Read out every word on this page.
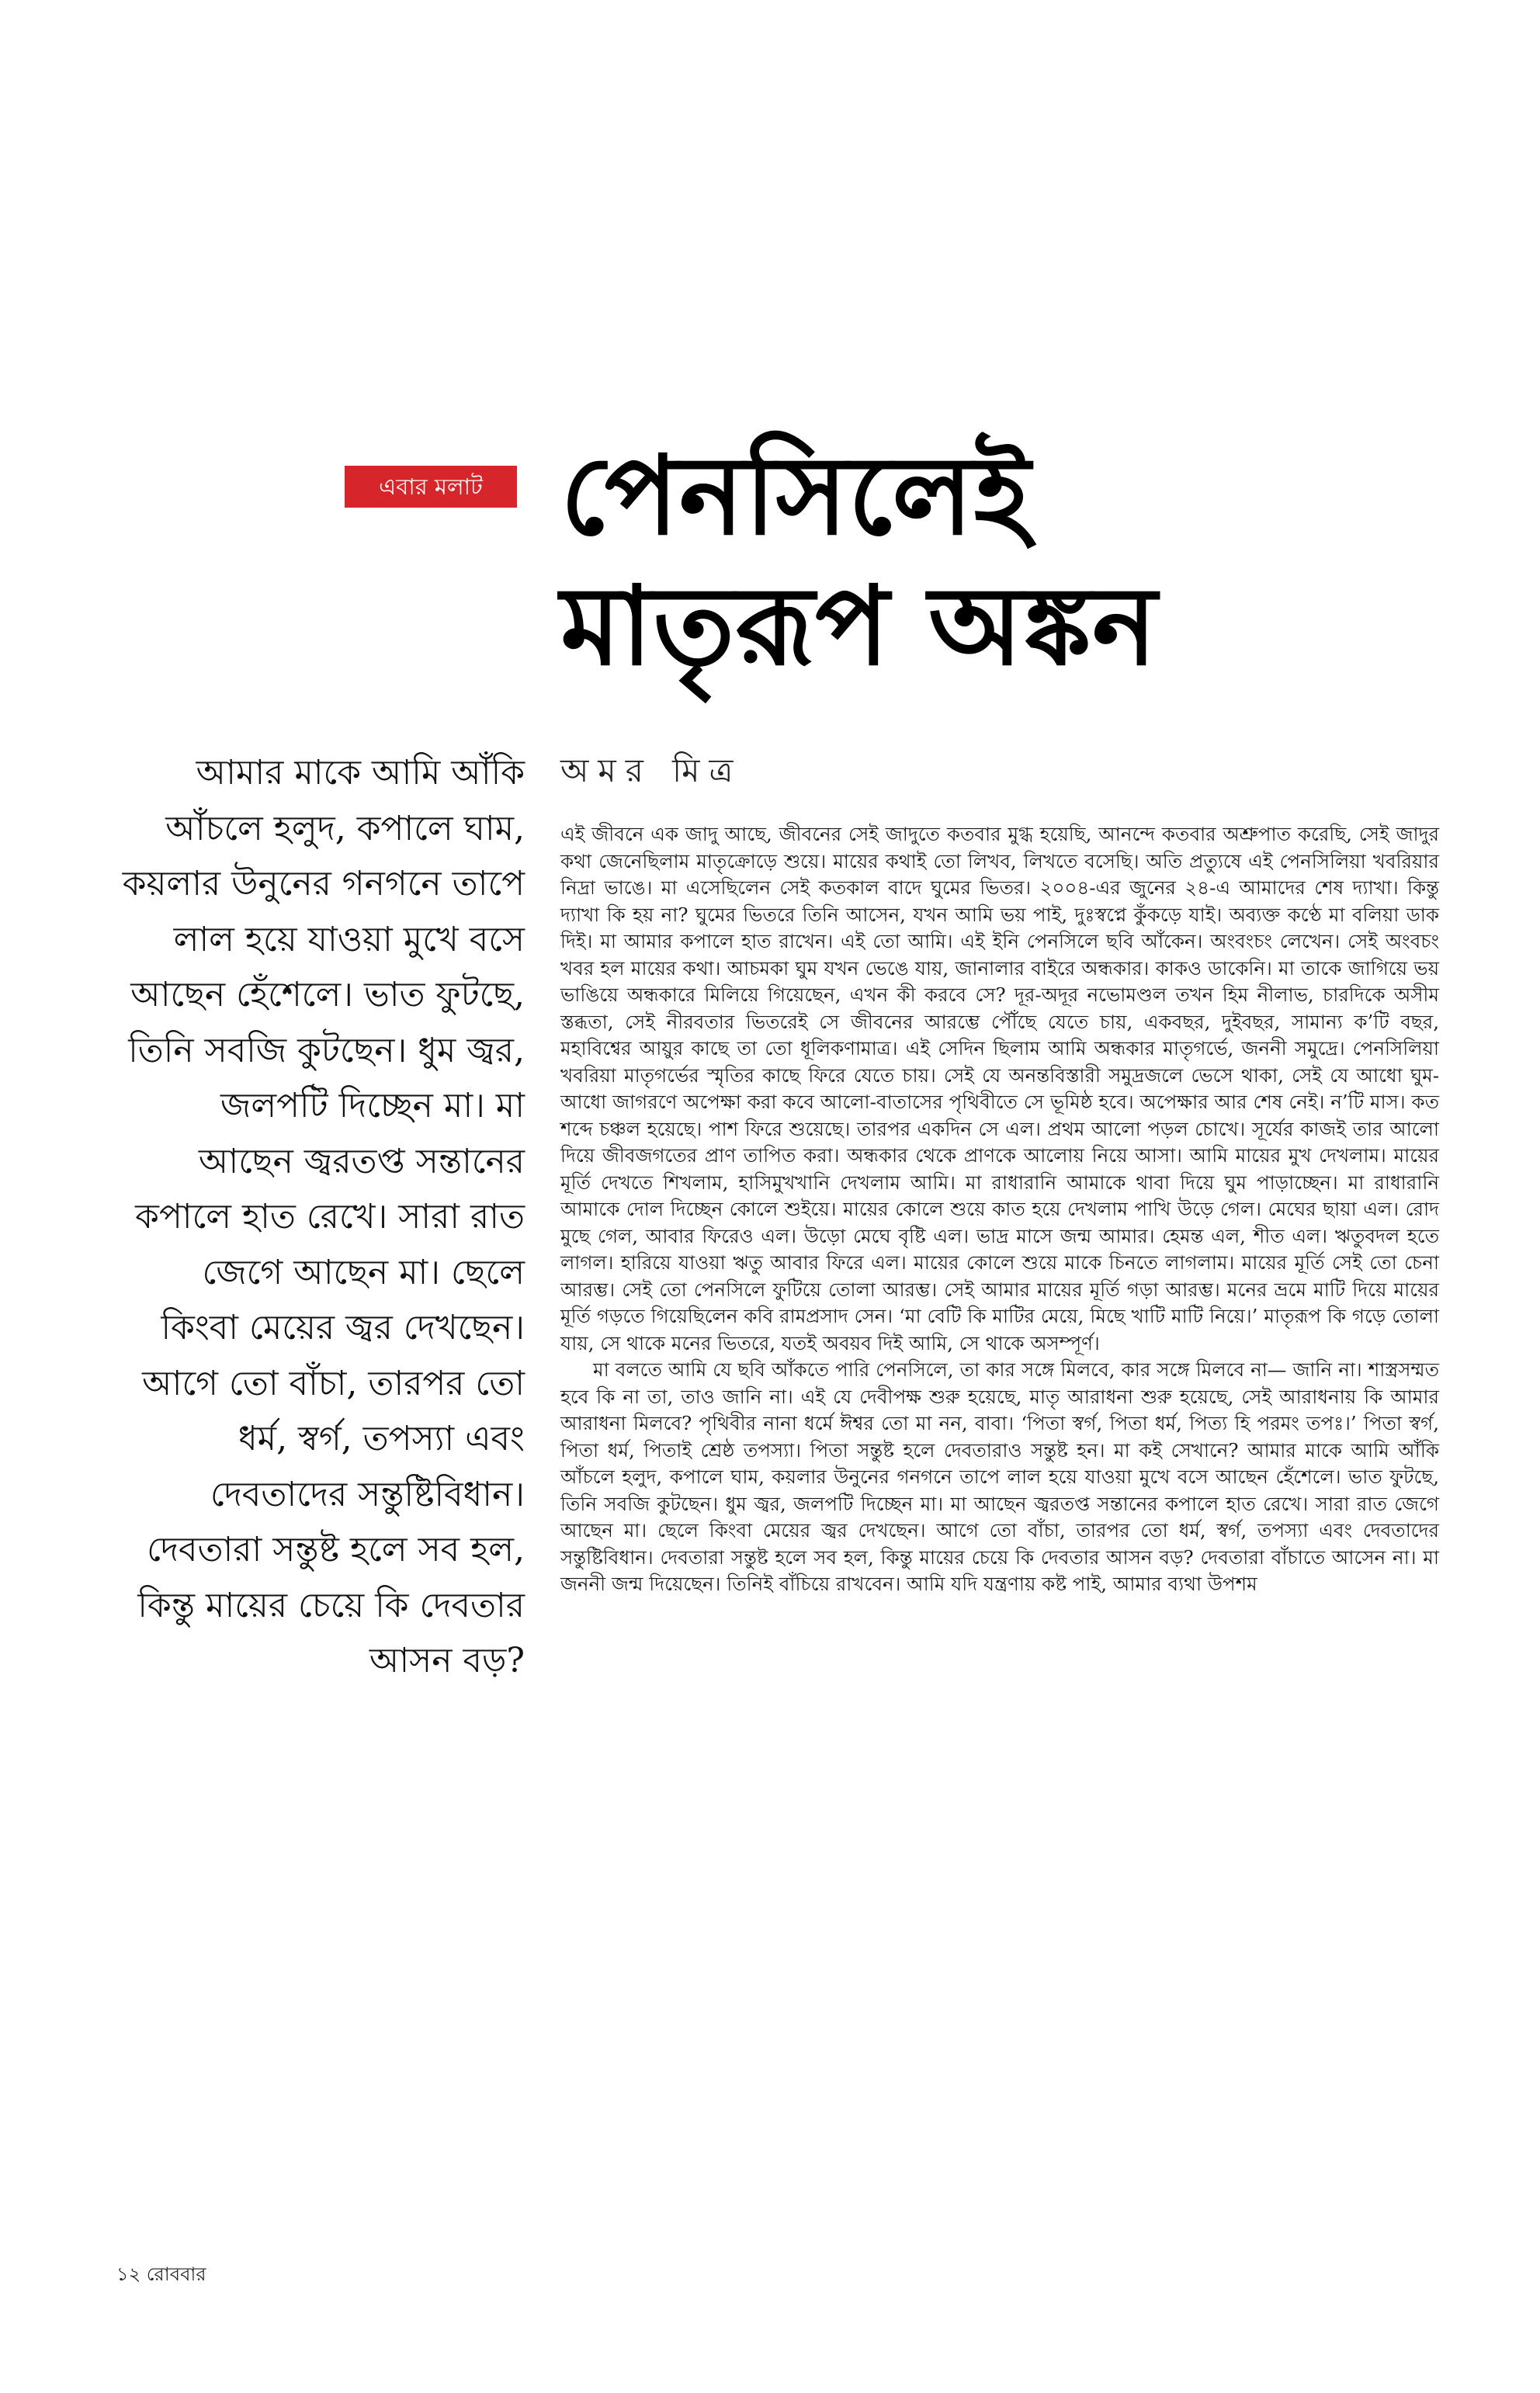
এবার মলাট পেনসিলেই
মাতৃরূপ অঙ্কন
আমার মাকে আমি আঁকি আঁচলে হলুদ, কপালে ঘাম, কয়লার উনুনের গনগনে তাপে লাল হয়ে যাওয়া মুখে বসে আছেন হেঁশেলে। ভাত ফুটছে, তিনি সবজি কুটছেন। ধুম জ্বর, জলপটি দিচ্ছেন মা। মা আছেন জ্বরতপ্ত সন্তানের কপালে হাত রেখে। সারা রাত জেগে আছেন মা। ছেলে কিংবা মেয়ের জ্বর দেখছেন। আগে তো বাঁচা, তারপর তো ধর্ম, স্বর্গ, তপস্যা এবং দেবতাদের সন্তুষ্টিবিধান। দেবতারা সন্তুষ্ট হলে সব হল, কিন্তু মায়ের চেয়ে কি দেবতার আসন বড়?
অমর মিত্র

এই জীবনে এক জাদু আছে, জীবনের সেই জাদুতে কতবার মুগ্ধ হয়েছি, আনন্দে কতবার অশ্রুপাত করেছি, সেই জাদুর কথা জেনেছিলাম মাতৃক্রোড়ে শুয়ে। মায়ের কথাই তো লিখব, লিখতে বসেছি। অতি প্রত্যুষে এই পেনসিলিয়া খবরিয়ার নিদ্রা ভাঙে। মা এসেছিলেন সেই কতকাল বাদে ঘুমের ভিতর। ২০০৪-এর জুনের ২৪-এ আমাদের শেষ দ্যাখা। কিন্তু দ্যাখা কি হয় না? ঘুমের ভিতরে তিনি আসেন, যখন আমি ভয় পাই, দুঃস্বপ্নে কুঁকড়ে যাই। অব্যক্ত কণ্ঠে মা বলিয়া ডাক দিই। মা আমার কপালে হাত রাখেন। এই তো আমি। এই ইনি পেনসিলে ছবি আঁকেন। অংবংচং লেখেন। সেই অংবচং খবর হল মায়ের কথা। আচমকা ঘুম যখন ভেঙে যায়, জানালার বাইরে অন্ধকার। কাকও ডাকেনি। মা তাকে জাগিয়ে ভয় ভাঙিয়ে অন্ধকারে মিলিয়ে গিয়েছেন, এখন কী করবে সে? দূর-অদূর নভোমণ্ডল তখন হিম নীলাভ, চারদিকে অসীম স্তব্ধতা, সেই নীরবতার ভিতরেই সে জীবনের আরম্ভে পৌঁছে যেতে চায়, একবছর, দুইবছর, সামান্য ক’টি বছর, মহাবিশ্বের আয়ুর কাছে তা তো ধূলিকণামাত্র। এই সেদিন ছিলাম আমি অন্ধকার মাতৃগর্ভে, জননী সমুদ্রে। পেনসিলিয়া খবরিয়া মাতৃগর্ভের স্মৃতির কাছে ফিরে যেতে চায়। সেই যে অনন্তবিস্তারী সমুদ্রজলে ভেসে থাকা, সেই যে আধো ঘুম-আধো জাগরণে অপেক্ষা করা কবে আলো-বাতাসের পৃথিবীতে সে ভূমিষ্ঠ হবে। অপেক্ষার আর শেষ নেই। ন’টি মাস। কত শব্দে চঞ্চল হয়েছে। পাশ ফিরে শুয়েছে। তারপর একদিন সে এল। প্রথম আলো পড়ল চোখে। সূর্যের কাজই তার আলো দিয়ে জীবজগতের প্রাণ তাপিত করা। অন্ধকার থেকে প্রাণকে আলোয় নিয়ে আসা। আমি মায়ের মুখ দেখলাম। মায়ের মূর্তি দেখতে শিখলাম, হাসিমুখখানি দেখলাম আমি। মা রাধারানি আমাকে থাবা দিয়ে ঘুম পাড়াচ্ছেন। মা রাধারানি আমাকে দোল দিচ্ছেন কোলে শুইয়ে। মায়ের কোলে শুয়ে কাত হয়ে দেখলাম পাখি উড়ে গেল। মেঘের ছায়া এল। রোদ মুছে গেল, আবার ফিরেও এল। উড়ো মেঘে বৃষ্টি এল। ভাদ্র মাসে জন্ম আমার। হেমন্ত এল, শীত এল। ঋতুবদল হতে লাগল। হারিয়ে যাওয়া ঋতু আবার ফিরে এল। মায়ের কোলে শুয়ে মাকে চিনতে লাগলাম। মায়ের মূর্তি সেই তো চেনা আরম্ভ। সেই তো পেনসিলে ফুটিয়ে তোলা আরম্ভ। সেই আমার মায়ের মূর্তি গড়া আরম্ভ। মনের ভ্রমে মাটি দিয়ে মায়ের মূর্তি গড়তে গিয়েছিলেন কবি রামপ্রসাদ সেন। ‘মা বেটি কি মাটির মেয়ে, মিছে খাটি মাটি নিয়ে।’ মাতৃরূপ কি গড়ে তোলা যায়, সে থাকে মনের ভিতরে, যতই অবয়ব দিই আমি, সে থাকে অসম্পূর্ণ।

মা বলতে আমি যে ছবি আঁকতে পারি পেনসিলে, তা কার সঙ্গে মিলবে, কার সঙ্গে মিলবে না— জানি না। শাস্ত্রসম্মত হবে কি না তা, তাও জানি না। এই যে দেবীপক্ষ শুরু হয়েছে, মাতৃ আরাধনা শুরু হয়েছে, সেই আরাধনায় কি আমার আরাধনা মিলবে? পৃথিবীর নানা ধর্মে ঈশ্বর তো মা নন, বাবা। ‘পিতা স্বর্গ, পিতা ধর্ম, পিত্য হি পরমং তপঃ।’ পিতা স্বর্গ, পিতা ধর্ম, পিতাই শ্রেষ্ঠ তপস্যা। পিতা সন্তুষ্ট হলে দেবতারাও সন্তুষ্ট হন। মা কই সেখানে? আমার মাকে আমি আঁকি আঁচলে হলুদ, কপালে ঘাম, কয়লার উনুনের গনগনে তাপে লাল হয়ে যাওয়া মুখে বসে আছেন হেঁশেলে। ভাত ফুটছে, তিনি সবজি কুটছেন। ধুম জ্বর, জলপটি দিচ্ছেন মা। মা আছেন জ্বরতপ্ত সন্তানের কপালে হাত রেখে। সারা রাত জেগে আছেন মা। ছেলে কিংবা মেয়ের জ্বর দেখছেন। আগে তো বাঁচা, তারপর তো ধর্ম, স্বর্গ, তপস্যা এবং দেবতাদের সন্তুষ্টিবিধান। দেবতারা সন্তুষ্ট হলে সব হল, কিন্তু মায়ের চেয়ে কি দেবতার আসন বড়? দেবতারা বাঁচাতে আসেন না। মা জননী জন্ম দিয়েছেন। তিনিই বাঁচিয়ে রাখবেন। আমি যদি যন্ত্রণায় কষ্ট পাই, আমার ব্যথা উপশম

১২ রোববার
